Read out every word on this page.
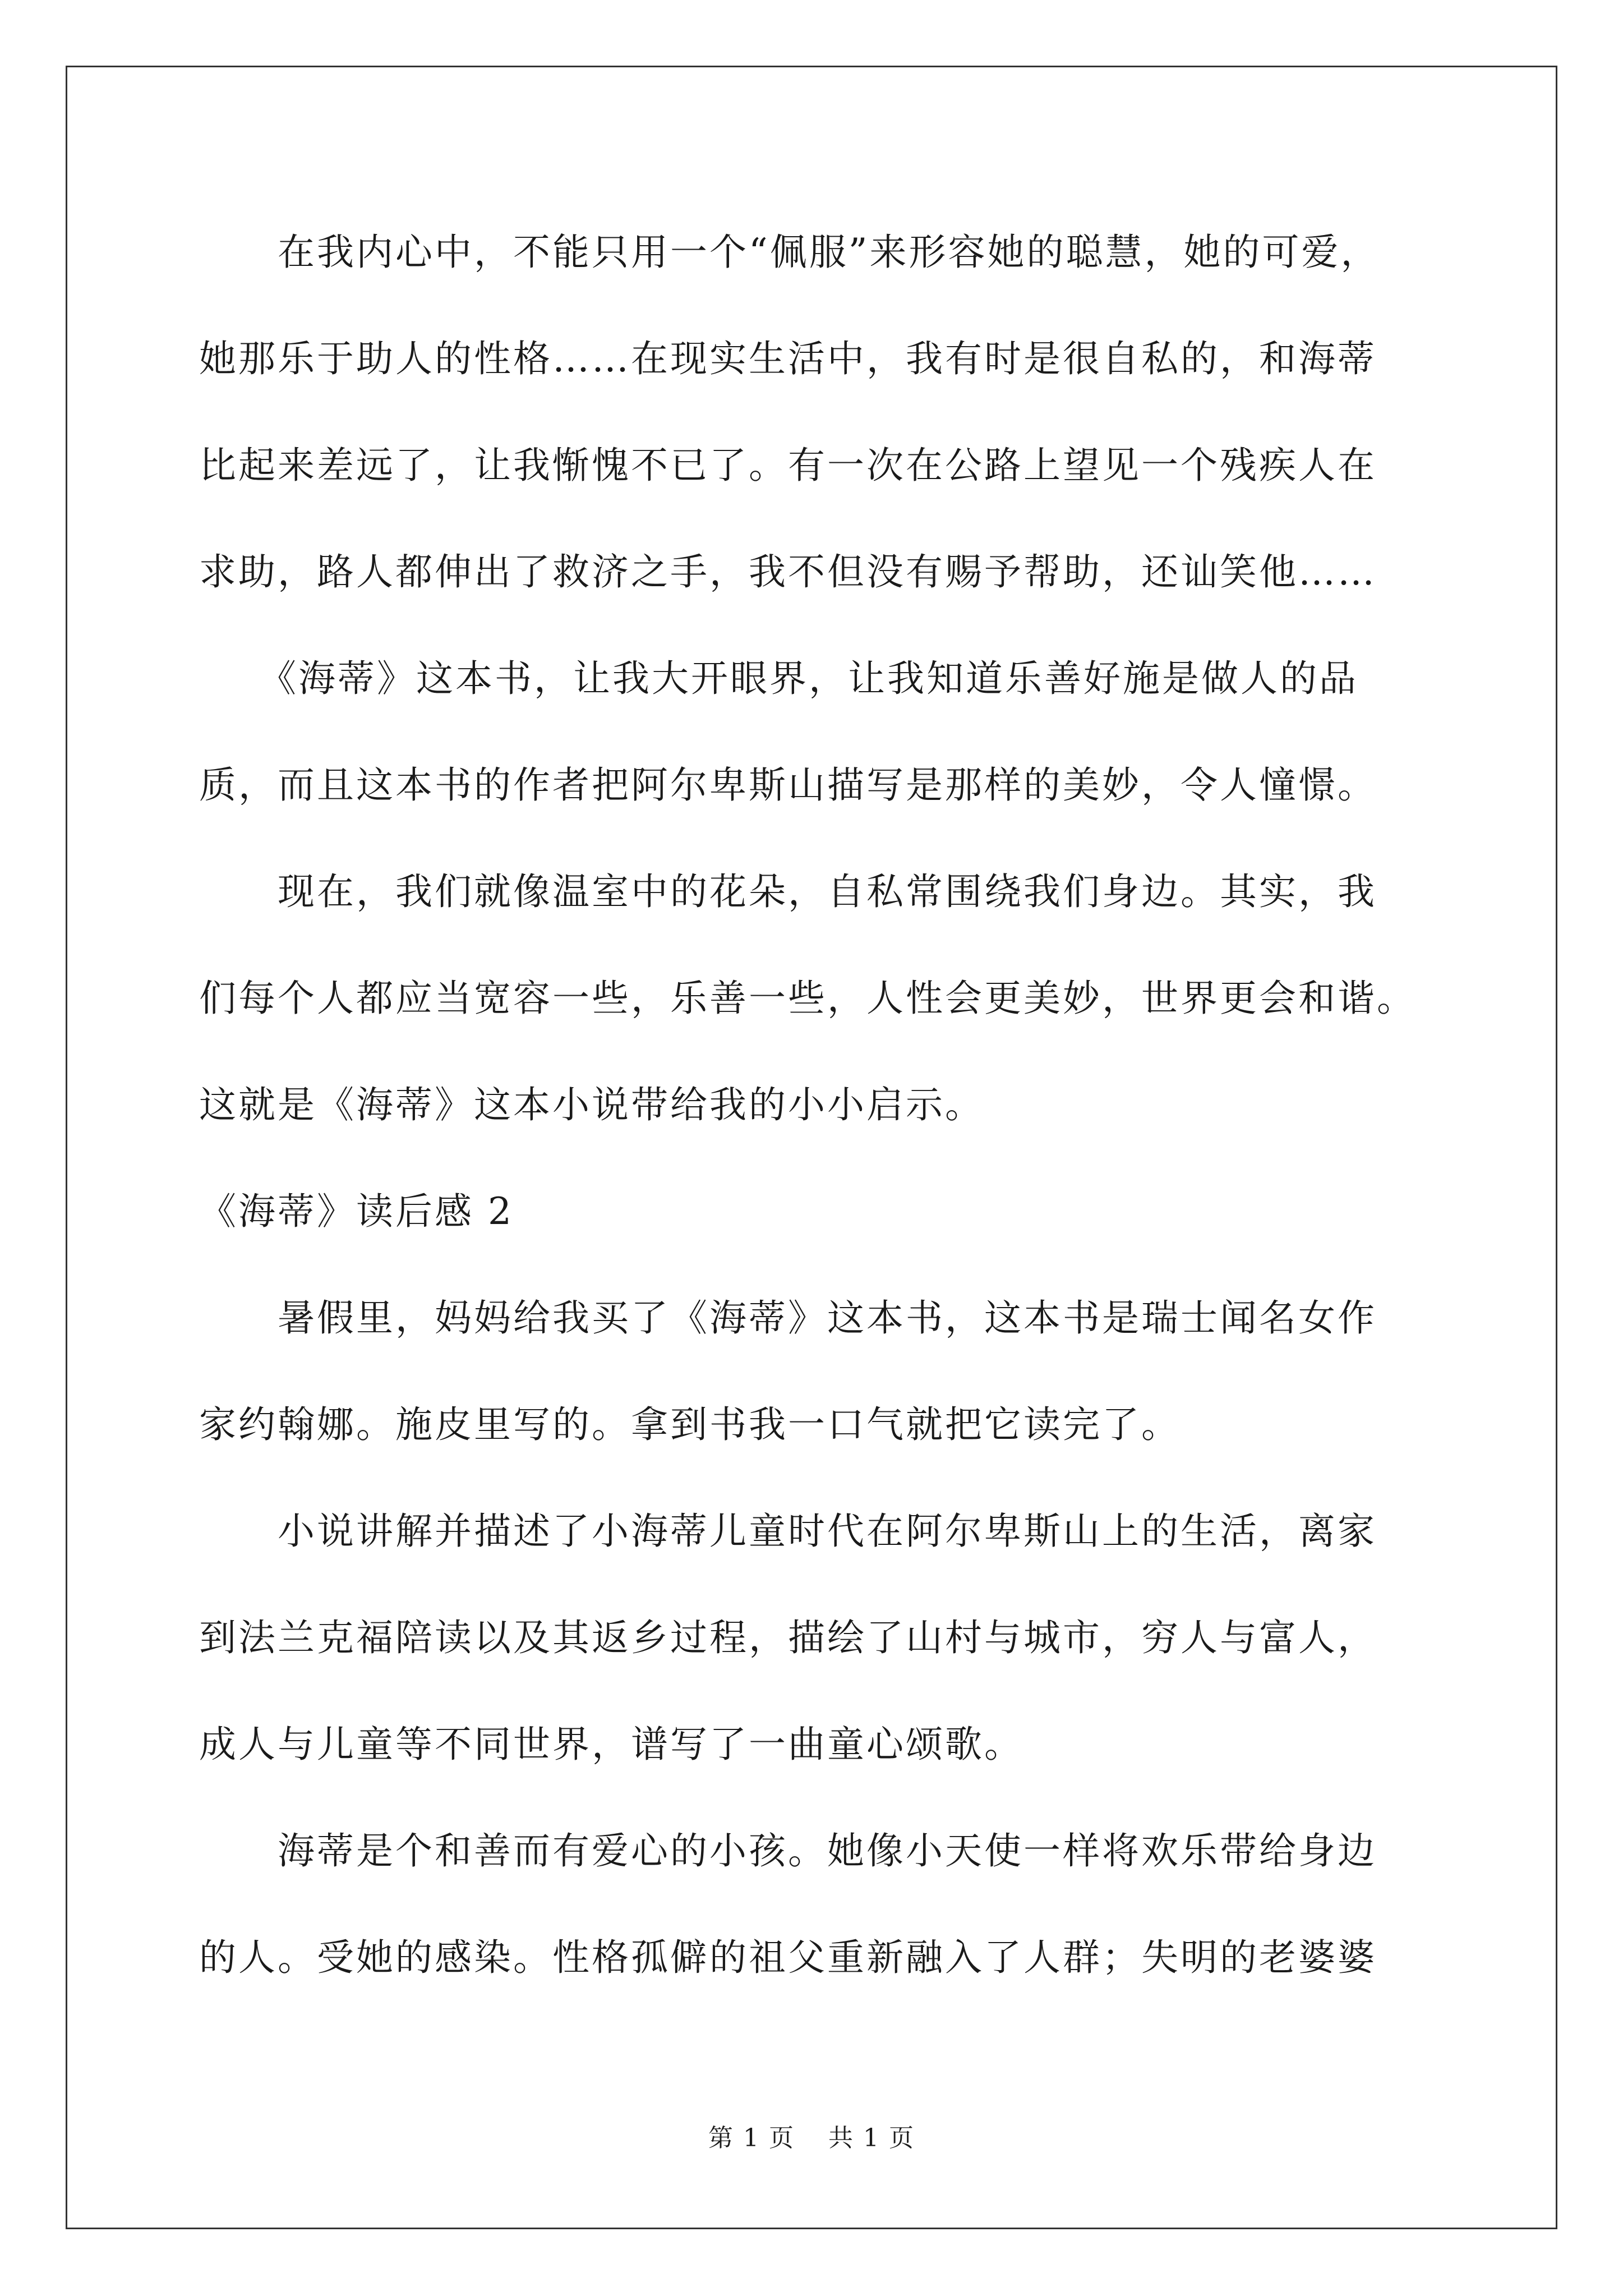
　　在我内心中，不能只用一个“佩服”来形容她的聪慧，她的可爱，
她那乐于助人的性格……在现实生活中，我有时是很自私的，和海蒂
比起来差远了，让我惭愧不已了。有一次在公路上望见一个残疾人在
求助，路人都伸出了救济之手，我不但没有赐予帮助，还讪笑他……
　　《海蒂》这本书，让我大开眼界，让我知道乐善好施是做人的品
质，而且这本书的作者把阿尔卑斯山描写是那样的美妙，令人憧憬。
　　现在，我们就像温室中的花朵，自私常围绕我们身边。其实，我
们每个人都应当宽容一些，乐善一些，人性会更美妙，世界更会和谐。
这就是《海蒂》这本小说带给我的小小启示。
《海蒂》读后感 2
　　暑假里，妈妈给我买了《海蒂》这本书，这本书是瑞士闻名女作
家约翰娜。施皮里写的。拿到书我一口气就把它读完了。
　　小说讲解并描述了小海蒂儿童时代在阿尔卑斯山上的生活，离家
到法兰克福陪读以及其返乡过程，描绘了山村与城市，穷人与富人，
成人与儿童等不同世界，谱写了一曲童心颂歌。
　　海蒂是个和善而有爱心的小孩。她像小天使一样将欢乐带给身边
的人。受她的感染。性格孤僻的祖父重新融入了人群；失明的老婆婆
第 1 页 共 1 页
